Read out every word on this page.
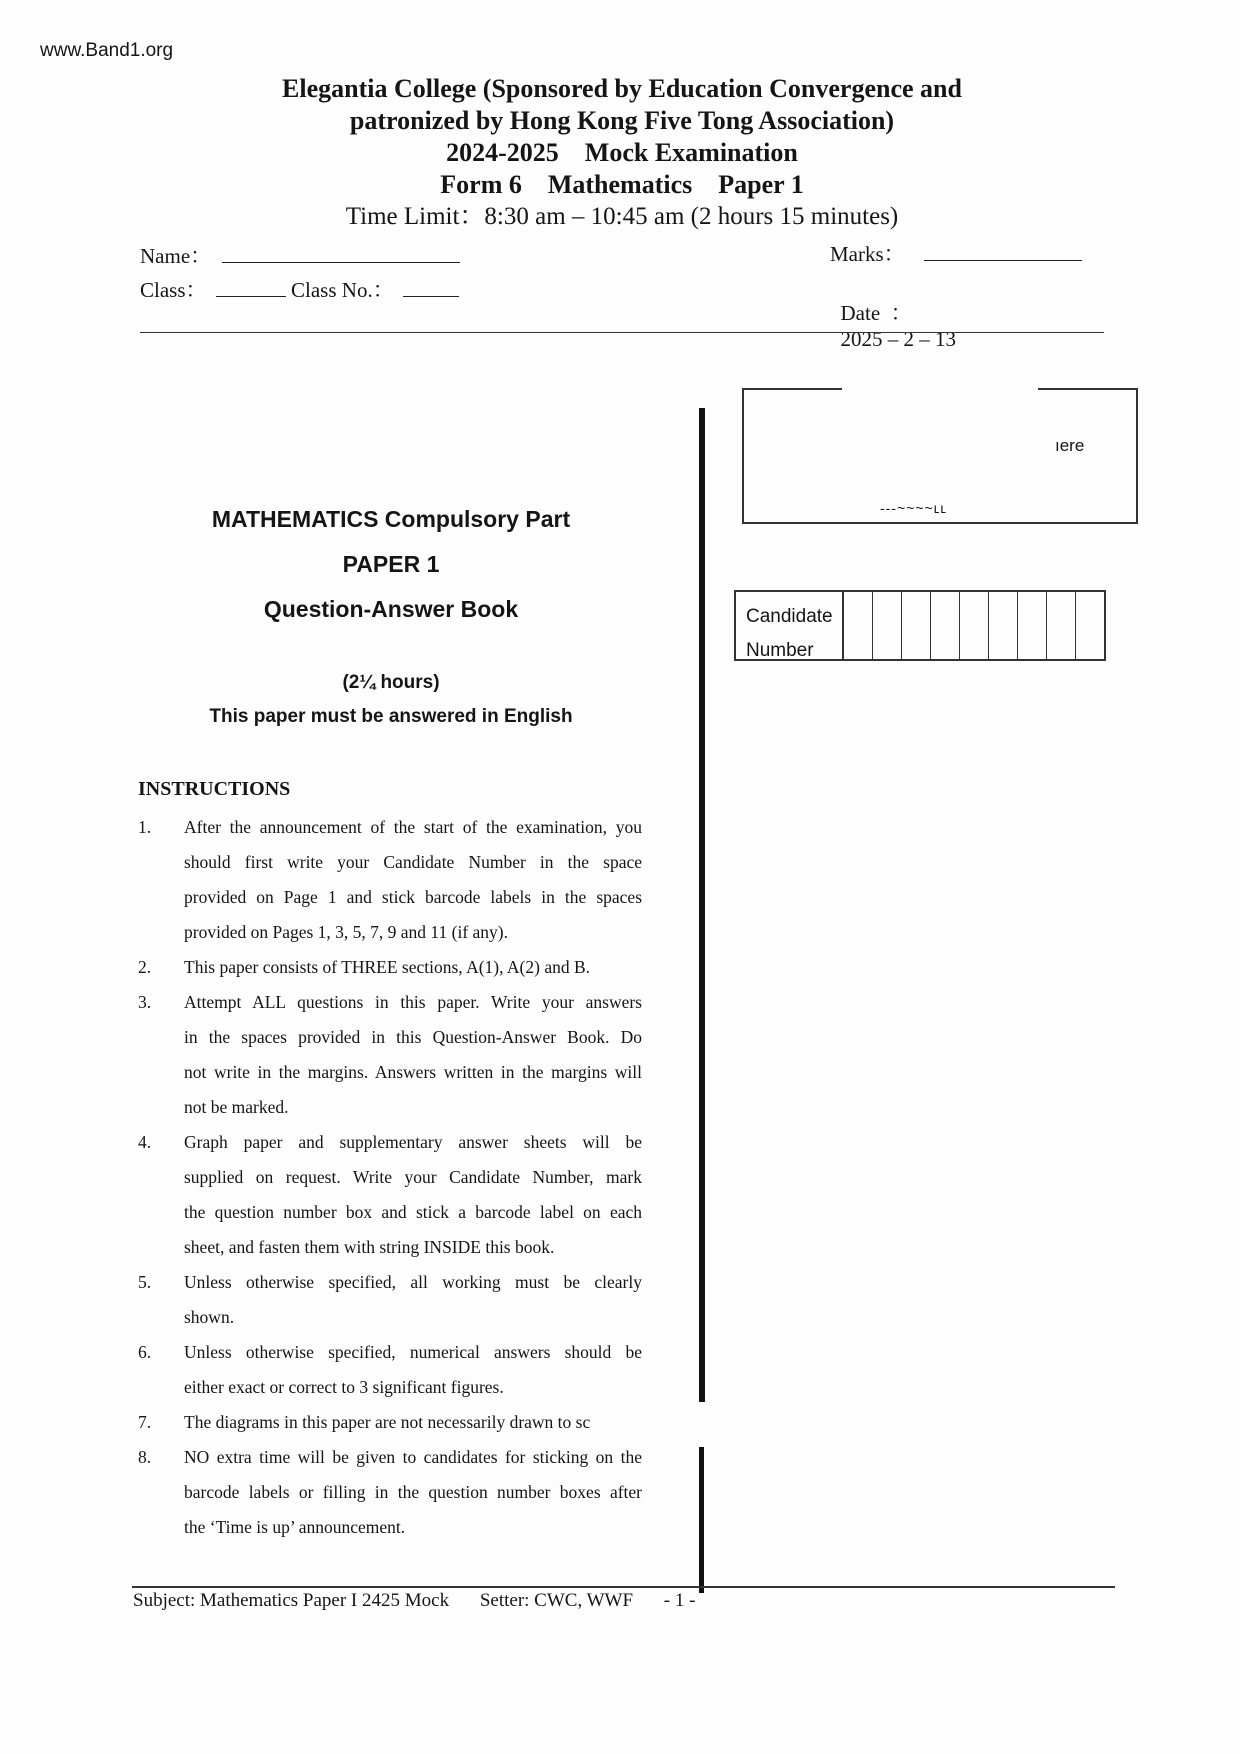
www.Band1.org
Elegantia College (Sponsored by Education Convergence and
patronized by Hong Kong Five Tong Association)
2024-2025    Mock Examination
Form 6    Mathematics    Paper 1
Time Limit：8:30 am – 10:45 am (2 hours 15 minutes)
Name：
Class：	Class No.：
Marks：

Date  ：
2025 – 2 – 13

ıere
---~~~~ʟʟ
Candidate
Number
MATHEMATICS Compulsory Part
PAPER 1
Question-Answer Book
(2¼ hours)
This paper must be answered in English
INSTRUCTIONS
1.	After the announcement of the start of the examination, you
should first write your Candidate Number in the space
provided on Page 1 and stick barcode labels in the spaces
provided on Pages 1, 3, 5, 7, 9 and 11 (if any).
2.	This paper consists of THREE sections, A(1), A(2) and B.
3.	Attempt ALL questions in this paper. Write your answers
in the spaces provided in this Question-Answer Book. Do
not write in the margins. Answers written in the margins will
not be marked.
4.	Graph paper and supplementary answer sheets will be
supplied on request. Write your Candidate Number, mark
the question number box and stick a barcode label on each
sheet, and fasten them with string INSIDE this book.
5.	Unless otherwise specified, all working must be clearly
shown.
6.	Unless otherwise specified, numerical answers should be
either exact or correct to 3 significant figures.
7.	The diagrams in this paper are not necessarily drawn to sc
8.	NO extra time will be given to candidates for sticking on the
barcode labels or filling in the question number boxes after
the ‘Time is up’ announcement.
Subject: Mathematics Paper I 2425 Mock Setter: CWC, WWF - 1 -
